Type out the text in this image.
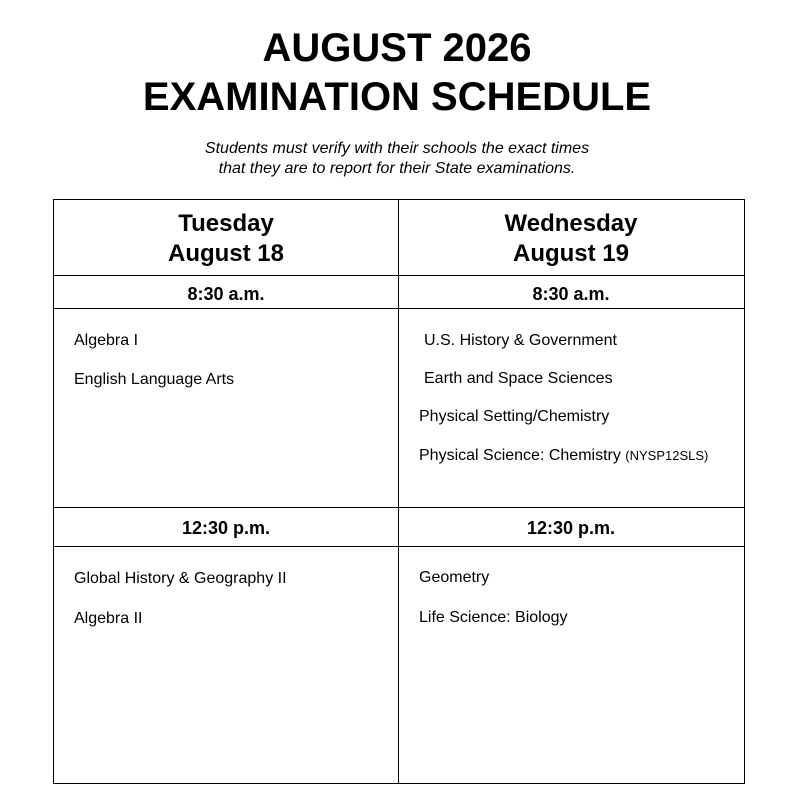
AUGUST 2026
EXAMINATION SCHEDULE

Students must verify with their schools the exact times

that they are to report for their State examinations.

Tuesday
August 18
Wednesday
August 19
8:30 a.m.	8:30 a.m.
Algebra I
English Language Arts
U.S. History & Government
Earth and Space Sciences
Physical Setting/Chemistry
Physical Science: Chemistry (NYSP12SLS)
12:30 p.m.	12:30 p.m.
Global History & Geography II
Algebra II
Geometry
Life Science: Biology
